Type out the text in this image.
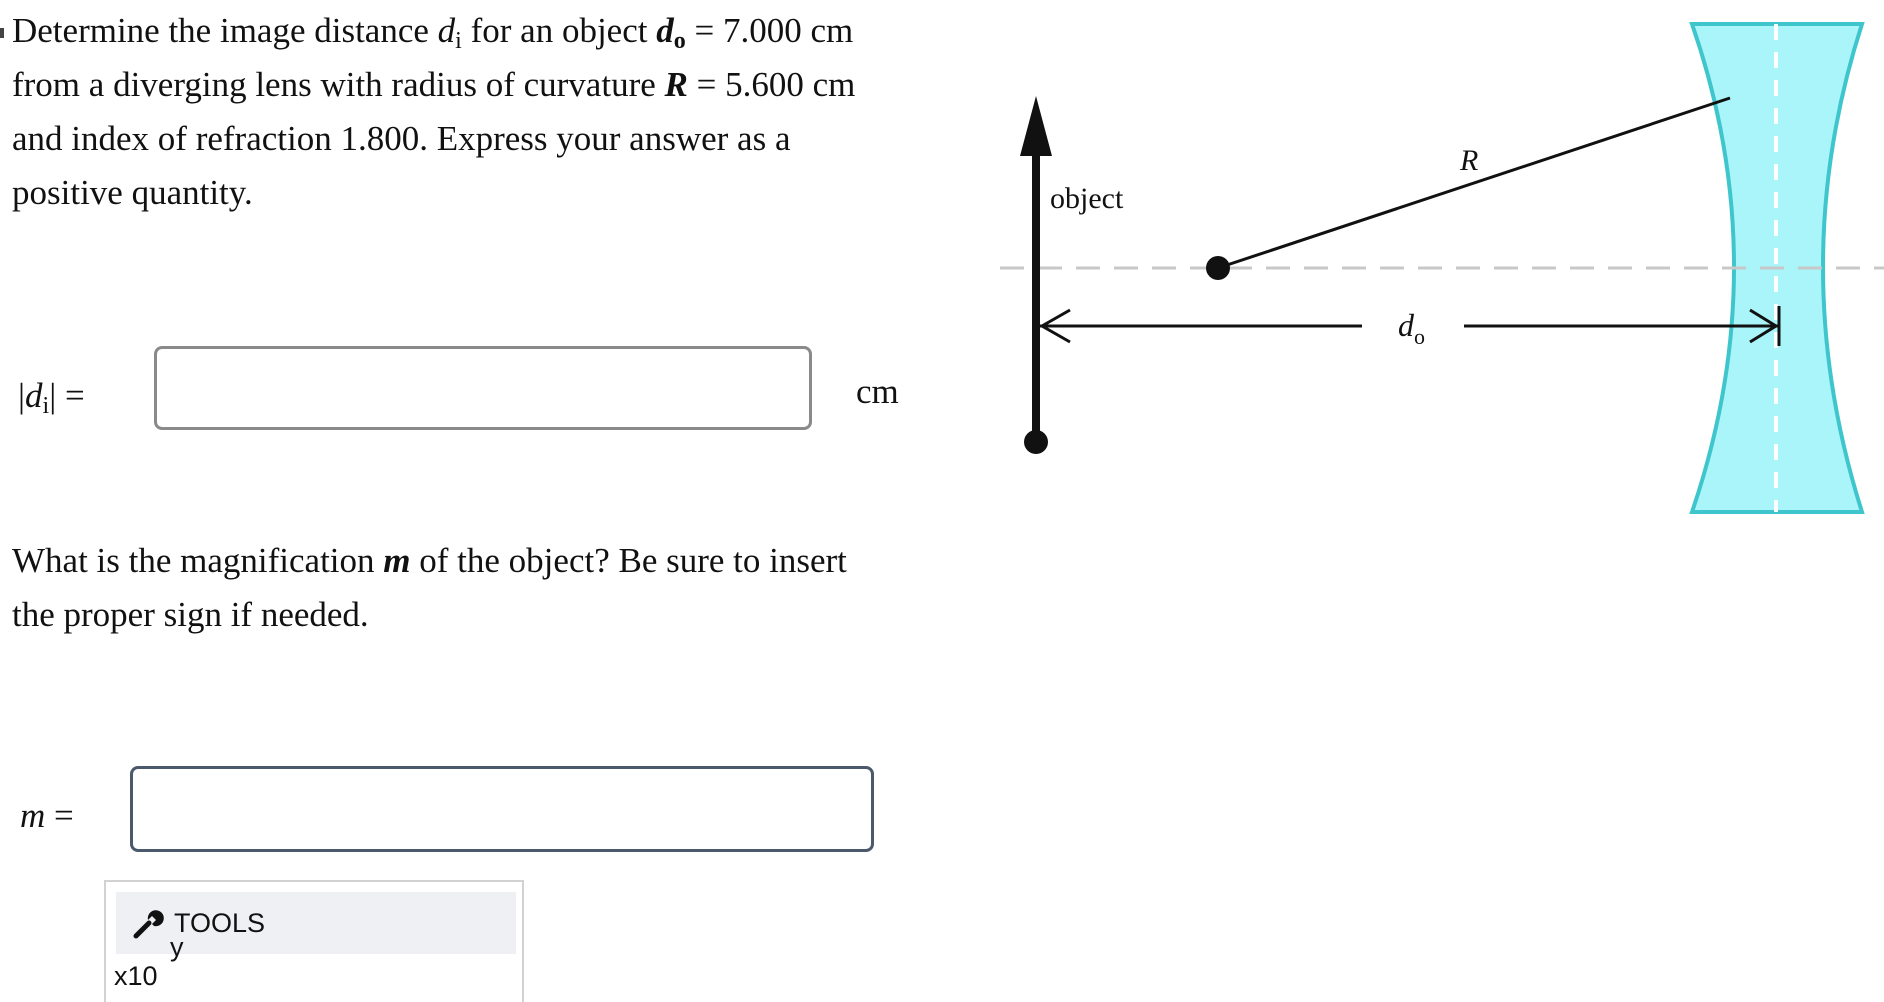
Determine the image distance $d_i$ for an object $d_o = 7.000$ cm
from a diverging lens with radius of curvature R = 5.600 cm
and index of refraction 1.800. Express your answer as a
positive quantity.

$|d_i|$ =	cm

What is the magnification m of the object? Be sure to insert
the proper sign if needed.

m =
TOOLS
y
x10
object
R
$d_o$
